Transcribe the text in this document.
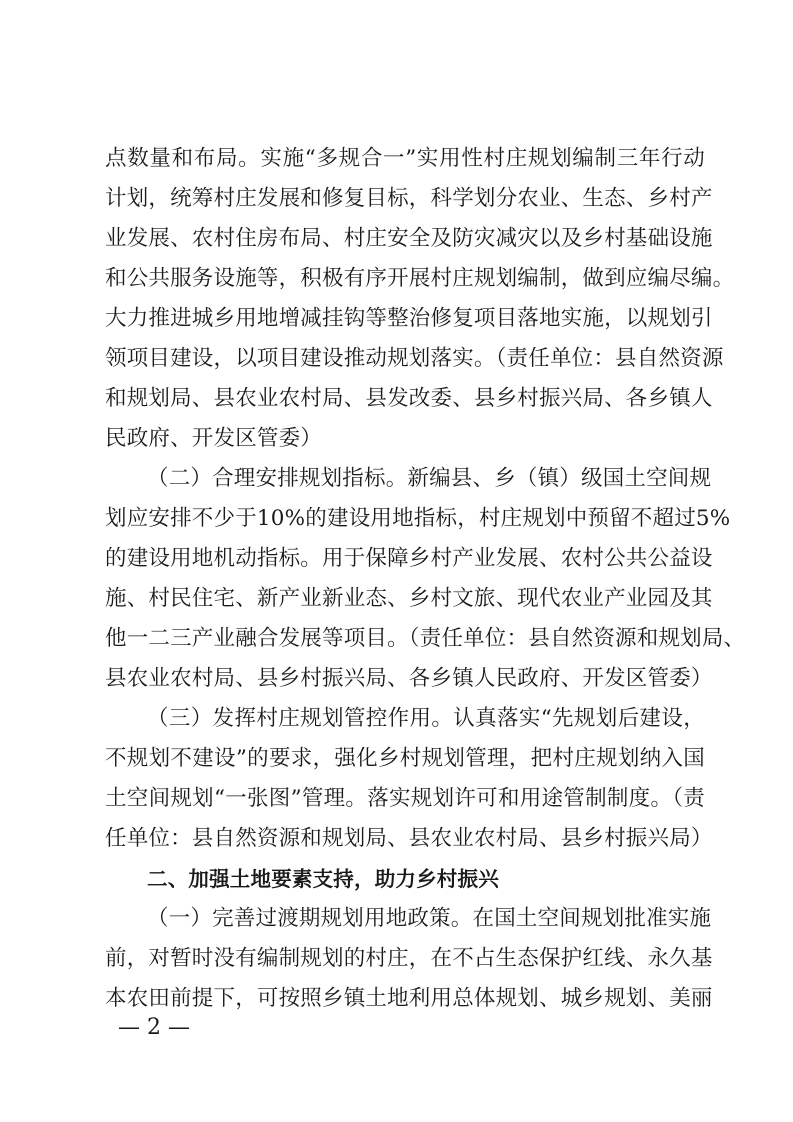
点数量和布局。实施“多规合一”实用性村庄规划编制三年行动
计划，统筹村庄发展和修复目标，科学划分农业、生态、乡村产
业发展、农村住房布局、村庄安全及防灾减灾以及乡村基础设施
和公共服务设施等，积极有序开展村庄规划编制，做到应编尽编。
大力推进城乡用地增减挂钩等整治修复项目落地实施，以规划引
领项目建设，以项目建设推动规划落实。（责任单位：县自然资源
和规划局、县农业农村局、县发改委、县乡村振兴局、各乡镇人
民政府、开发区管委）
（二）合理安排规划指标。新编县、乡（镇）级国土空间规
划应安排不少于10%的建设用地指标，村庄规划中预留不超过5%
的建设用地机动指标。用于保障乡村产业发展、农村公共公益设
施、村民住宅、新产业新业态、乡村文旅、现代农业产业园及其
他一二三产业融合发展等项目。（责任单位：县自然资源和规划局、
县农业农村局、县乡村振兴局、各乡镇人民政府、开发区管委）
（三）发挥村庄规划管控作用。认真落实“先规划后建设，
不规划不建设”的要求，强化乡村规划管理，把村庄规划纳入国
土空间规划“一张图”管理。落实规划许可和用途管制制度。（责
任单位：县自然资源和规划局、县农业农村局、县乡村振兴局）
二、加强土地要素支持，助力乡村振兴
（一）完善过渡期规划用地政策。在国土空间规划批准实施
前，对暂时没有编制规划的村庄，在不占生态保护红线、永久基
本农田前提下，可按照乡镇土地利用总体规划、城乡规划、美丽
— 2 —
